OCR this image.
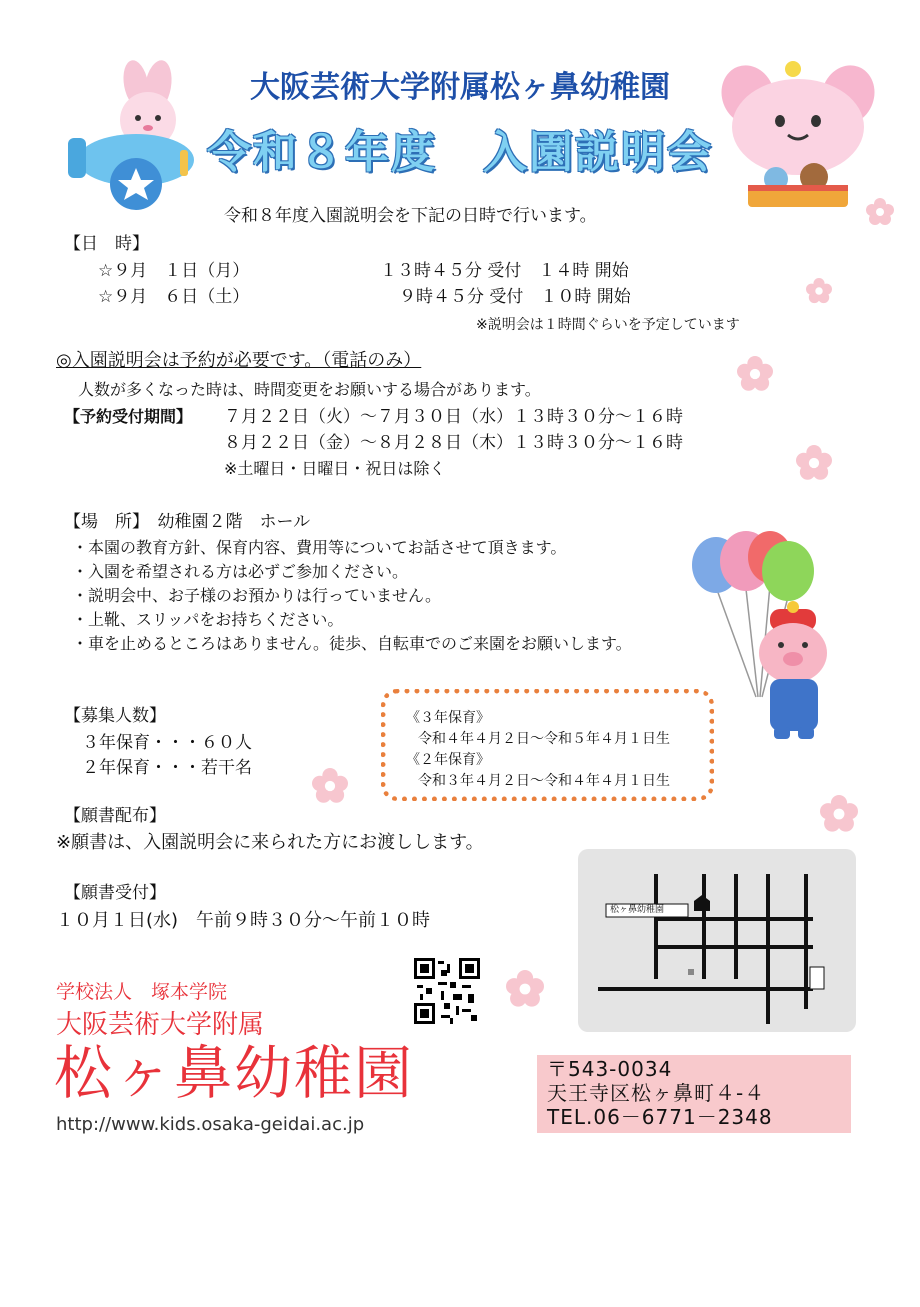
大阪芸術大学附属松ヶ鼻幼稚園
令和８年度　入園説明会
令和８年度入園説明会を下記の日時で行います。
【日　時】
☆９月　１日（月）	１３時４５分 受付　１４時 開始
☆９月　６日（土）	９時４５分 受付　１０時 開始
※説明会は１時間ぐらいを予定しています
◎入園説明会は予約が必要です。（電話のみ）
人数が多くなった時は、時間変更をお願いする場合があります。
【予約受付期間】 ７月２２日（火）～７月３０日（水）１３時３０分～１６時
８月２２日（金）～８月２８日（木）１３時３０分～１６時
※土曜日・日曜日・祝日は除く
【場　所】　幼稚園２階　ホール
・本園の教育方針、保育内容、費用等についてお話させて頂きます。
・入園を希望される方は必ずご参加ください。
・説明会中、お子様のお預かりは行っていません。
・上靴、スリッパをお持ちください。
・車を止めるところはありません。徒歩、自転車でのご来園をお願いします。
【募集人数】
３年保育・・・６０人
２年保育・・・若干名
《３年保育》
令和４年４月２日～令和５年４月１日生
《２年保育》
令和３年４月２日～令和４年４月１日生
【願書配布】
※願書は、入園説明会に来られた方にお渡しします。
【願書受付】
１０月１日(水)　午前９時３０分～午前１０時
学校法人　塚本学院
大阪芸術大学附属
松ヶ鼻幼稚園
http://www.kids.osaka-geidai.ac.jp
松ヶ鼻幼稚園
〒543-0034
天王寺区松ヶ鼻町４-４
TEL.06－6771－2348
